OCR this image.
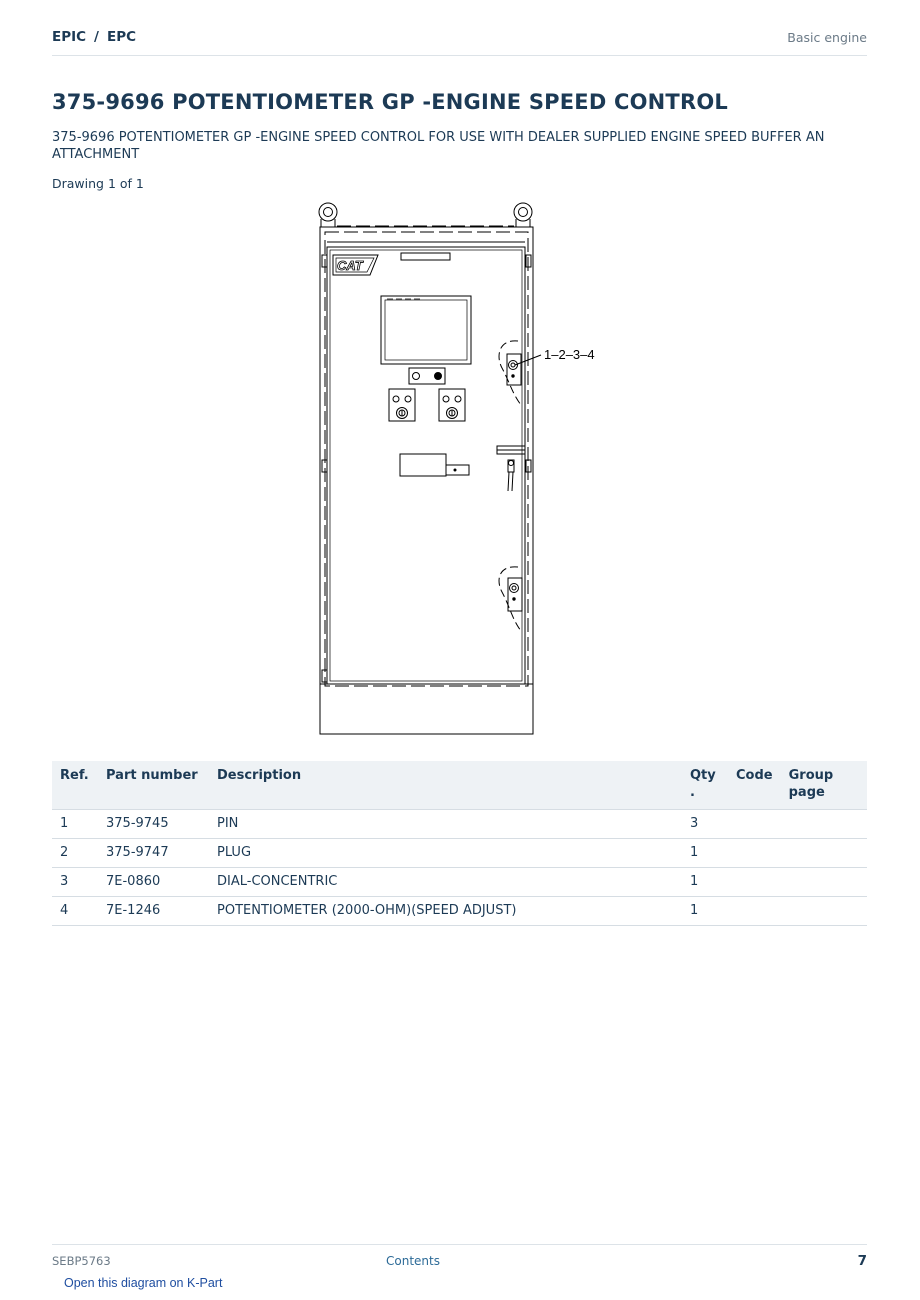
EPIC / EPC	Basic engine
375-9696 POTENTIOMETER GP -ENGINE SPEED CONTROL
375-9696 POTENTIOMETER GP -ENGINE SPEED CONTROL FOR USE WITH DEALER SUPPLIED ENGINE SPEED BUFFER AN ATTACHMENT
Drawing 1 of 1
CAT
1–2–3–4
Ref.	Part number	Description	Qty .	Code	Group page
1	375-9745	PIN	3		
2	375-9747	PLUG	1		
3	7E-0860	DIAL-CONCENTRIC	1		
4	7E-1246	POTENTIOMETER (2000-OHM)(SPEED ADJUST)	1		
SEBP5763	Contents	7
Open this diagram on K-Part
